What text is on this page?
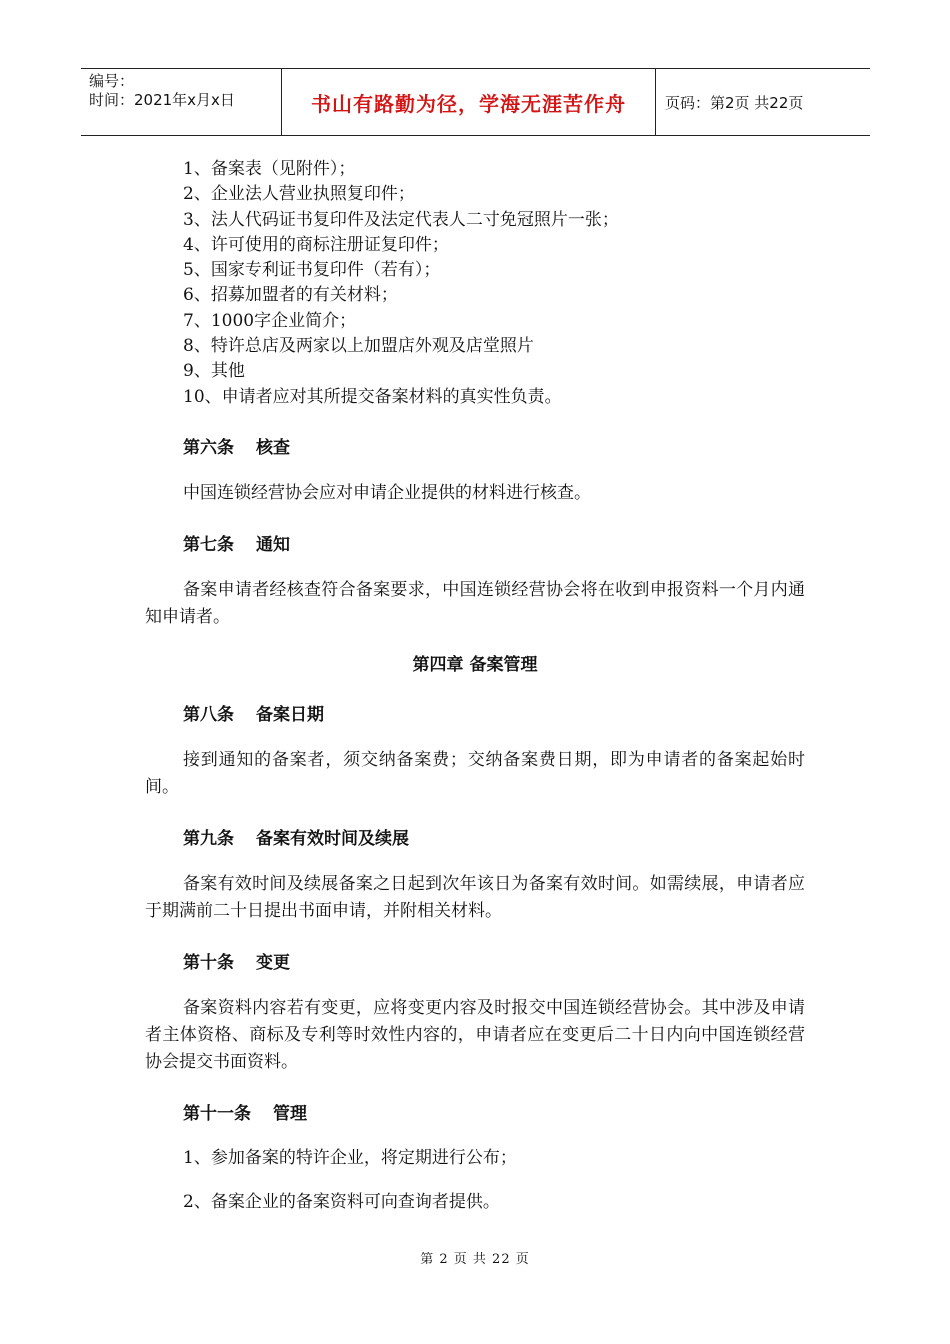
编号：
时间：2021年x月x日	书山有路勤为径，学海无涯苦作舟	页码：第2页 共22页
1、备案表（见附件）；
2、企业法人营业执照复印件；
3、法人代码证书复印件及法定代表人二寸免冠照片一张；
4、许可使用的商标注册证复印件；
5、国家专利证书复印件（若有）；
6、招募加盟者的有关材料；
7、1000字企业简介；
8、特许总店及两家以上加盟店外观及店堂照片
9、其他
10、申请者应对其所提交备案材料的真实性负责。
第六条 核查
中国连锁经营协会应对申请企业提供的材料进行核查。
第七条 通知
备案申请者经核查符合备案要求，中国连锁经营协会将在收到申报资料一个月内通知申请者。
第四章 备案管理
第八条 备案日期
接到通知的备案者，须交纳备案费；交纳备案费日期，即为申请者的备案起始时间。
第九条 备案有效时间及续展
备案有效时间及续展备案之日起到次年该日为备案有效时间。如需续展，申请者应于期满前二十日提出书面申请，并附相关材料。
第十条 变更
备案资料内容若有变更，应将变更内容及时报交中国连锁经营协会。其中涉及申请者主体资格、商标及专利等时效性内容的，申请者应在变更后二十日内向中国连锁经营协会提交书面资料。
第十一条 管理
1、参加备案的特许企业，将定期进行公布；
2、备案企业的备案资料可向查询者提供。
第 2 页 共 22 页
